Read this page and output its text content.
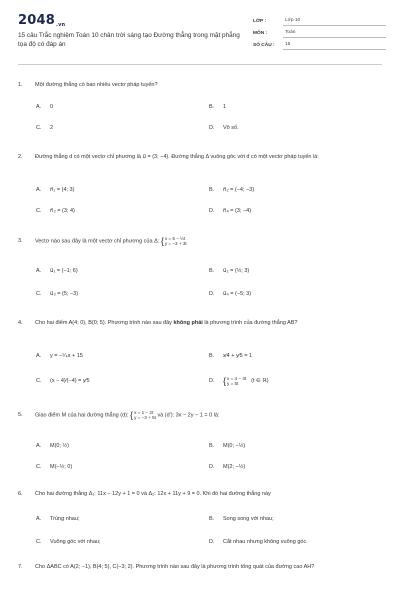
2048.vn
15 câu Trắc nghiệm Toán 10 chân trời sáng tạo Đường thẳng trong mặt phẳng tọa độ có đáp án
LỚP :	Lớp 10
MÔN :	Toán
SỐ CÂU :	15
1.	Một đường thẳng có bao nhiêu vectơ pháp tuyến?
A.	0	B.	1
C.	2	D.	Vô số.
2.	Đường thẳng d có một vectơ chỉ phương là u⃗ = (3; −4). Đường thẳng Δ vuông góc với d có một vectơ pháp tuyến là:
A.	n⃗₁ = (4; 3)	B.	n⃗₂ = (−4; −3)
C.	n⃗₃ = (3; 4)	D.	n⃗₄ = (3; −4)
3.	Vectơ nào sau đây là một vectơ chỉ phương của Δ: { x = 5 − ½t
y = −3 + 3t
A.	u⃗₁ = (−1; 6)	B.	u⃗₂ = (½; 3)
C.	u⃗₃ = (5; −3)	D.	u⃗₄ = (−5; 3)
4.	Cho hai điểm A(4; 0), B(0; 5). Phương trình nào sau đây không phải là phương trình của đường thẳng AB?
A.	y = −⁵⁄₄x + 15	B.	x⁄4 + y⁄5 = 1
C.	(x − 4)⁄(−4) = y⁄5	D. { x = 4 − 4t
y = 5t	(t ∈ ℝ)
5.	Giao điểm M của hai đường thẳng (d): { x = 1 − 2t
y = −3 + 5t và (d'): 3x − 2y − 1 = 0 là:
A.	M(0; ½)	B.	M(0; −½)
C.	M(−½; 0)	D.	M(2; −½)
6.	Cho hai đường thẳng Δ₁: 11x − 12y + 1 = 0 và Δ₂: 12x + 11y + 9 = 0. Khi đó hai đường thẳng này
A.	Trùng nhau;	B.	Song song với nhau;
C.	Vuông góc với nhau;	D.	Cắt nhau nhưng không vuông góc.
7.	Cho ΔABC có A(2; −1), B(4; 5), C(−3; 2). Phương trình nào sau đây là phương trình tổng quát của đường cao AH?
